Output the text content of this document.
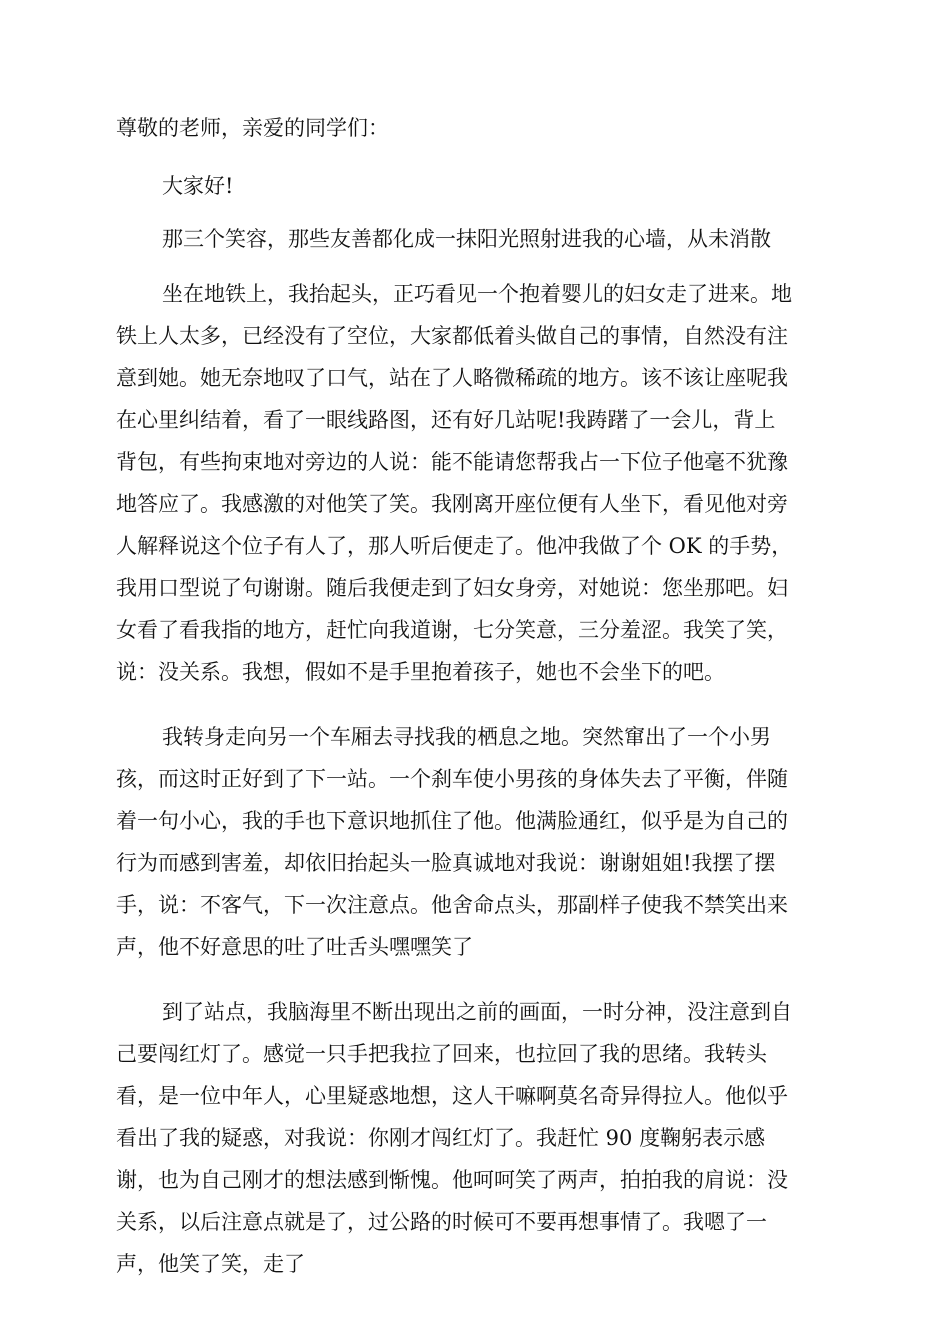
尊敬的老师，亲爱的同学们：

大家好!

那三个笑容，那些友善都化成一抹阳光照射进我的心墙，从未消散

坐在地铁上，我抬起头，正巧看见一个抱着婴儿的妇女走了进来。地

铁上人太多，已经没有了空位，大家都低着头做自己的事情，自然没有注

意到她。她无奈地叹了口气，站在了人略微稀疏的地方。该不该让座呢我

在心里纠结着，看了一眼线路图，还有好几站呢!我踌躇了一会儿，背上

背包，有些拘束地对旁边的人说：能不能请您帮我占一下位子他毫不犹豫

地答应了。我感激的对他笑了笑。我刚离开座位便有人坐下，看见他对旁

人解释说这个位子有人了，那人听后便走了。他冲我做了个 OK 的手势，

我用口型说了句谢谢。随后我便走到了妇女身旁，对她说：您坐那吧。妇

女看了看我指的地方，赶忙向我道谢，七分笑意，三分羞涩。我笑了笑，

说：没关系。我想，假如不是手里抱着孩子，她也不会坐下的吧。

我转身走向另一个车厢去寻找我的栖息之地。突然窜出了一个小男

孩，而这时正好到了下一站。一个刹车使小男孩的身体失去了平衡，伴随

着一句小心，我的手也下意识地抓住了他。他满脸通红，似乎是为自己的

行为而感到害羞，却依旧抬起头一脸真诚地对我说：谢谢姐姐!我摆了摆

手，说：不客气，下一次注意点。他舍命点头，那副样子使我不禁笑出来

声，他不好意思的吐了吐舌头嘿嘿笑了

到了站点，我脑海里不断出现出之前的画面，一时分神，没注意到自

己要闯红灯了。感觉一只手把我拉了回来，也拉回了我的思绪。我转头

看，是一位中年人，心里疑惑地想，这人干嘛啊莫名奇异得拉人。他似乎

看出了我的疑惑，对我说：你刚才闯红灯了。我赶忙 90 度鞠躬表示感

谢，也为自己刚才的想法感到惭愧。他呵呵笑了两声，拍拍我的肩说：没

关系，以后注意点就是了，过公路的时候可不要再想事情了。我嗯了一

声，他笑了笑，走了
